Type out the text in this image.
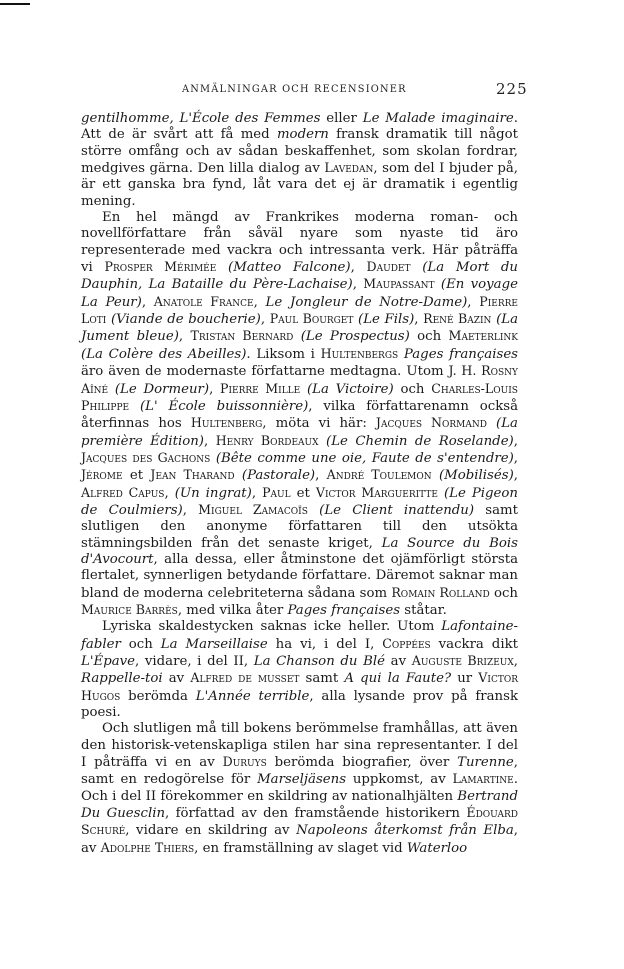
ANMÄLNINGAR OCH RECENSIONER	225

gentilhomme, L'École des Femmes eller Le Malade imaginaire. Att de är svårt att få med modern fransk dramatik till något större omfång och av sådan beskaffenhet, som skolan fordrar, medgives gärna. Den lilla dialog av Lavedan, som del I bjuder på, är ett ganska bra fynd, låt vara det ej är dramatik i egentlig mening.

En hel mängd av Frankrikes moderna roman- och novellförfattare från såväl nyare som nyaste tid äro representerade med vackra och intressanta verk. Här påträffa vi Prosper Mérimée (Matteo Falcone), Daudet (La Mort du Dauphin, La Bataille du Père-Lachaise), Maupassant (En voyage La Peur), Anatole France, Le Jongleur de Notre-Dame), Pierre Loti (Viande de boucherie), Paul Bourget (Le Fils), René Bazin (La Jument bleue), Tristan Bernard (Le Prospectus) och Maeterlink (La Colère des Abeilles). Liksom i Hultenbergs Pages françaises äro även de modernaste författarne medtagna. Utom J. H. Rosny Aîné (Le Dormeur), Pierre Mille (La Victoire) och Charles-Louis Philippe (L' École buissonnière), vilka författarenamn också återfinnas hos Hultenberg, möta vi här: Jacques Normand (La première Édition), Henry Bordeaux (Le Chemin de Roselande), Jacques des Gachons (Bête comme une oie, Faute de s'entendre), Jérome et Jean Tharand (Pastorale), André Toulemon (Mobilisés), Alfred Capus, (Un ingrat), Paul et Victor Margueritte (Le Pigeon de Coulmiers), Miguel Zamacoïs (Le Client inattendu) samt slutligen den anonyme författaren till den utsökta stämningsbilden från det senaste kriget, La Source du Bois d'Avocourt, alla dessa, eller åtminstone det ojämförligt största flertalet, synnerligen betydande författare. Däremot saknar man bland de moderna celebriteterna sådana som Romain Rolland och Maurice Barrès, med vilka åter Pages françaises ståtar.

Lyriska skaldestycken saknas icke heller. Utom Lafontaine-fabler och La Marseillaise ha vi, i del I, Coppées vackra dikt L'Épave, vidare, i del II, La Chanson du Blé av Auguste Brizeux, Rappelle-toi av Alfred de musset samt A qui la Faute? ur Victor Hugos berömda L'Année terrible, alla lysande prov på fransk poesi.

Och slutligen må till bokens berömmelse framhållas, att även den historisk-vetenskapliga stilen har sina representanter. I del I påträffa vi en av Duruys berömda biografier, över Turenne, samt en redogörelse för Marseljäsens uppkomst, av Lamartine. Och i del II förekommer en skildring av nationalhjälten Bertrand Du Guesclin, författad av den framstående historikern Édouard Schuré, vidare en skildring av Napoleons återkomst från Elba, av Adolphe Thiers, en framställning av slaget vid Waterloo
